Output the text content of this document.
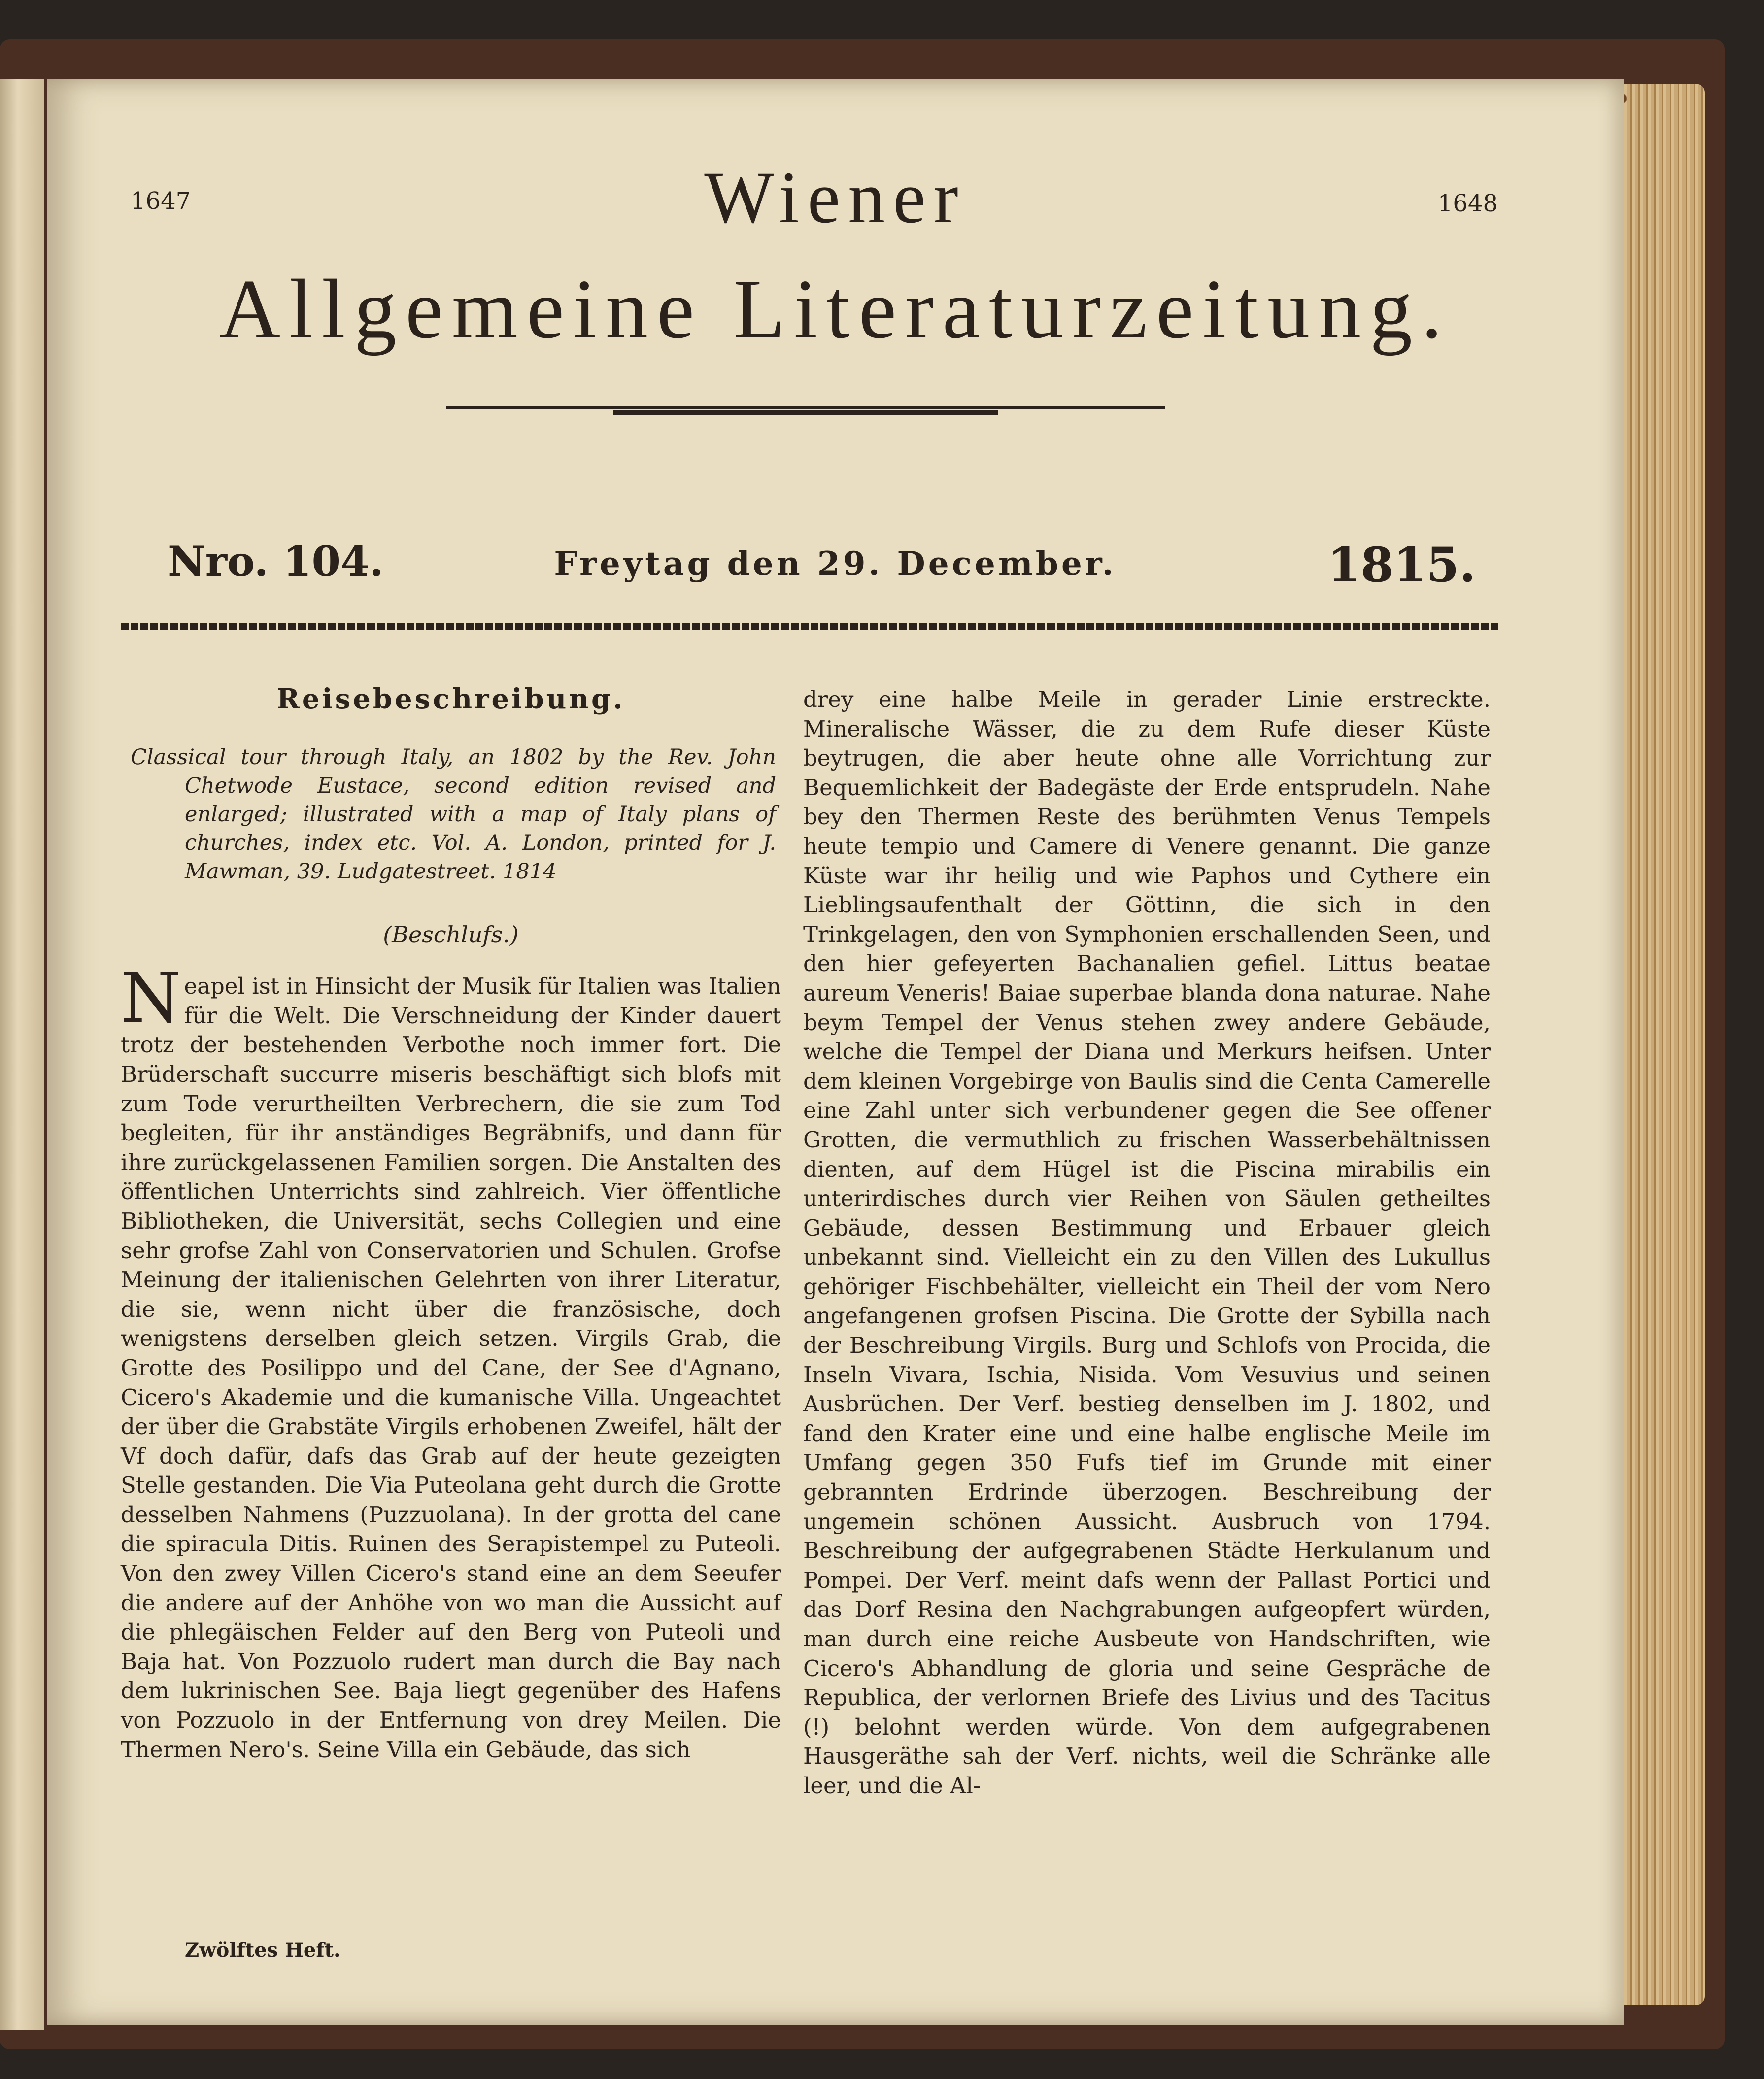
1647	1648
Wiener
Allgemeine Literaturzeitung.
Nro. 104.	Freytag den 29. December.	1815.
Reisebeschreibung.
Classical tour through Italy, an 1802 by the Rev. John Chetwode Eustace, second edition revised and enlarged; illustrated with a map of Italy plans of churches, index etc. Vol. A. London, printed for J. Mawman, 39. Ludgatestreet. 1814
(Beschlufs.)
Neapel ist in Hinsicht der Musik für Italien was Italien für die Welt. Die Verschneidung der Kinder dauert trotz der bestehenden Verbothe noch immer fort. Die Brüderschaft succurre miseris beschäftigt sich blofs mit zum Tode verurtheilten Verbrechern, die sie zum Tod begleiten, für ihr anständiges Begräbnifs, und dann für ihre zurückgelassenen Familien sorgen. Die Anstalten des öffentlichen Unterrichts sind zahlreich. Vier öffentliche Bibliotheken, die Universität, sechs Collegien und eine sehr grofse Zahl von Conservatorien und Schulen. Grofse Meinung der italienischen Gelehrten von ihrer Literatur, die sie, wenn nicht über die französische, doch wenigstens derselben gleich setzen. Virgils Grab, die Grotte des Posilippo und del Cane, der See d'Agnano, Cicero's Akademie und die kumanische Villa. Ungeachtet der über die Grabstäte Virgils erhobenen Zweifel, hält der Vf doch dafür, dafs das Grab auf der heute gezeigten Stelle gestanden. Die Via Puteolana geht durch die Grotte desselben Nahmens (Puzzuolana). In der grotta del cane die spiracula Ditis. Ruinen des Serapistempel zu Puteoli. Von den zwey Villen Cicero's stand eine an dem Seeufer die andere auf der Anhöhe von wo man die Aussicht auf die phlegäischen Felder auf den Berg von Puteoli und Baja hat. Von Pozzuolo rudert man durch die Bay nach dem lukrinischen See. Baja liegt gegenüber des Hafens von Pozzuolo in der Entfernung von drey Meilen. Die Thermen Nero's. Seine Villa ein Gebäude, das sich
drey eine halbe Meile in gerader Linie erstreckte. Mineralische Wässer, die zu dem Rufe dieser Küste beytrugen, die aber heute ohne alle Vorrichtung zur Bequemlichkeit der Badegäste der Erde entsprudeln. Nahe bey den Thermen Reste des berühmten Venus Tempels heute tempio und Camere di Venere genannt. Die ganze Küste war ihr heilig und wie Paphos und Cythere ein Lieblingsaufenthalt der Göttinn, die sich in den Trinkgelagen, den von Symphonien erschallenden Seen, und den hier gefeyerten Bachanalien gefiel. Littus beatae aureum Veneris! Baiae superbae blanda dona naturae. Nahe beym Tempel der Venus stehen zwey andere Gebäude, welche die Tempel der Diana und Merkurs heifsen. Unter dem kleinen Vorgebirge von Baulis sind die Centa Camerelle eine Zahl unter sich verbundener gegen die See offener Grotten, die vermuthlich zu frischen Wasserbehältnissen dienten, auf dem Hügel ist die Piscina mirabilis ein unterirdisches durch vier Reihen von Säulen getheiltes Gebäude, dessen Bestimmung und Erbauer gleich unbekannt sind. Vielleicht ein zu den Villen des Lukullus gehöriger Fischbehälter, vielleicht ein Theil der vom Nero angefangenen grofsen Piscina. Die Grotte der Sybilla nach der Beschreibung Virgils. Burg und Schlofs von Procida, die Inseln Vivara, Ischia, Nisida. Vom Vesuvius und seinen Ausbrüchen. Der Verf. bestieg denselben im J. 1802, und fand den Krater eine und eine halbe englische Meile im Umfang gegen 350 Fufs tief im Grunde mit einer gebrannten Erdrinde überzogen. Beschreibung der ungemein schönen Aussicht. Ausbruch von 1794. Beschreibung der aufgegrabenen Städte Herkulanum und Pompei. Der Verf. meint dafs wenn der Pallast Portici und das Dorf Resina den Nachgrabungen aufgeopfert würden, man durch eine reiche Ausbeute von Handschriften, wie Cicero's Abhandlung de gloria und seine Gespräche de Republica, der verlornen Briefe des Livius und des Tacitus (!) belohnt werden würde. Von dem aufgegrabenen Hausgeräthe sah der Verf. nichts, weil die Schränke alle leer, und die Al-
Zwölftes Heft.
